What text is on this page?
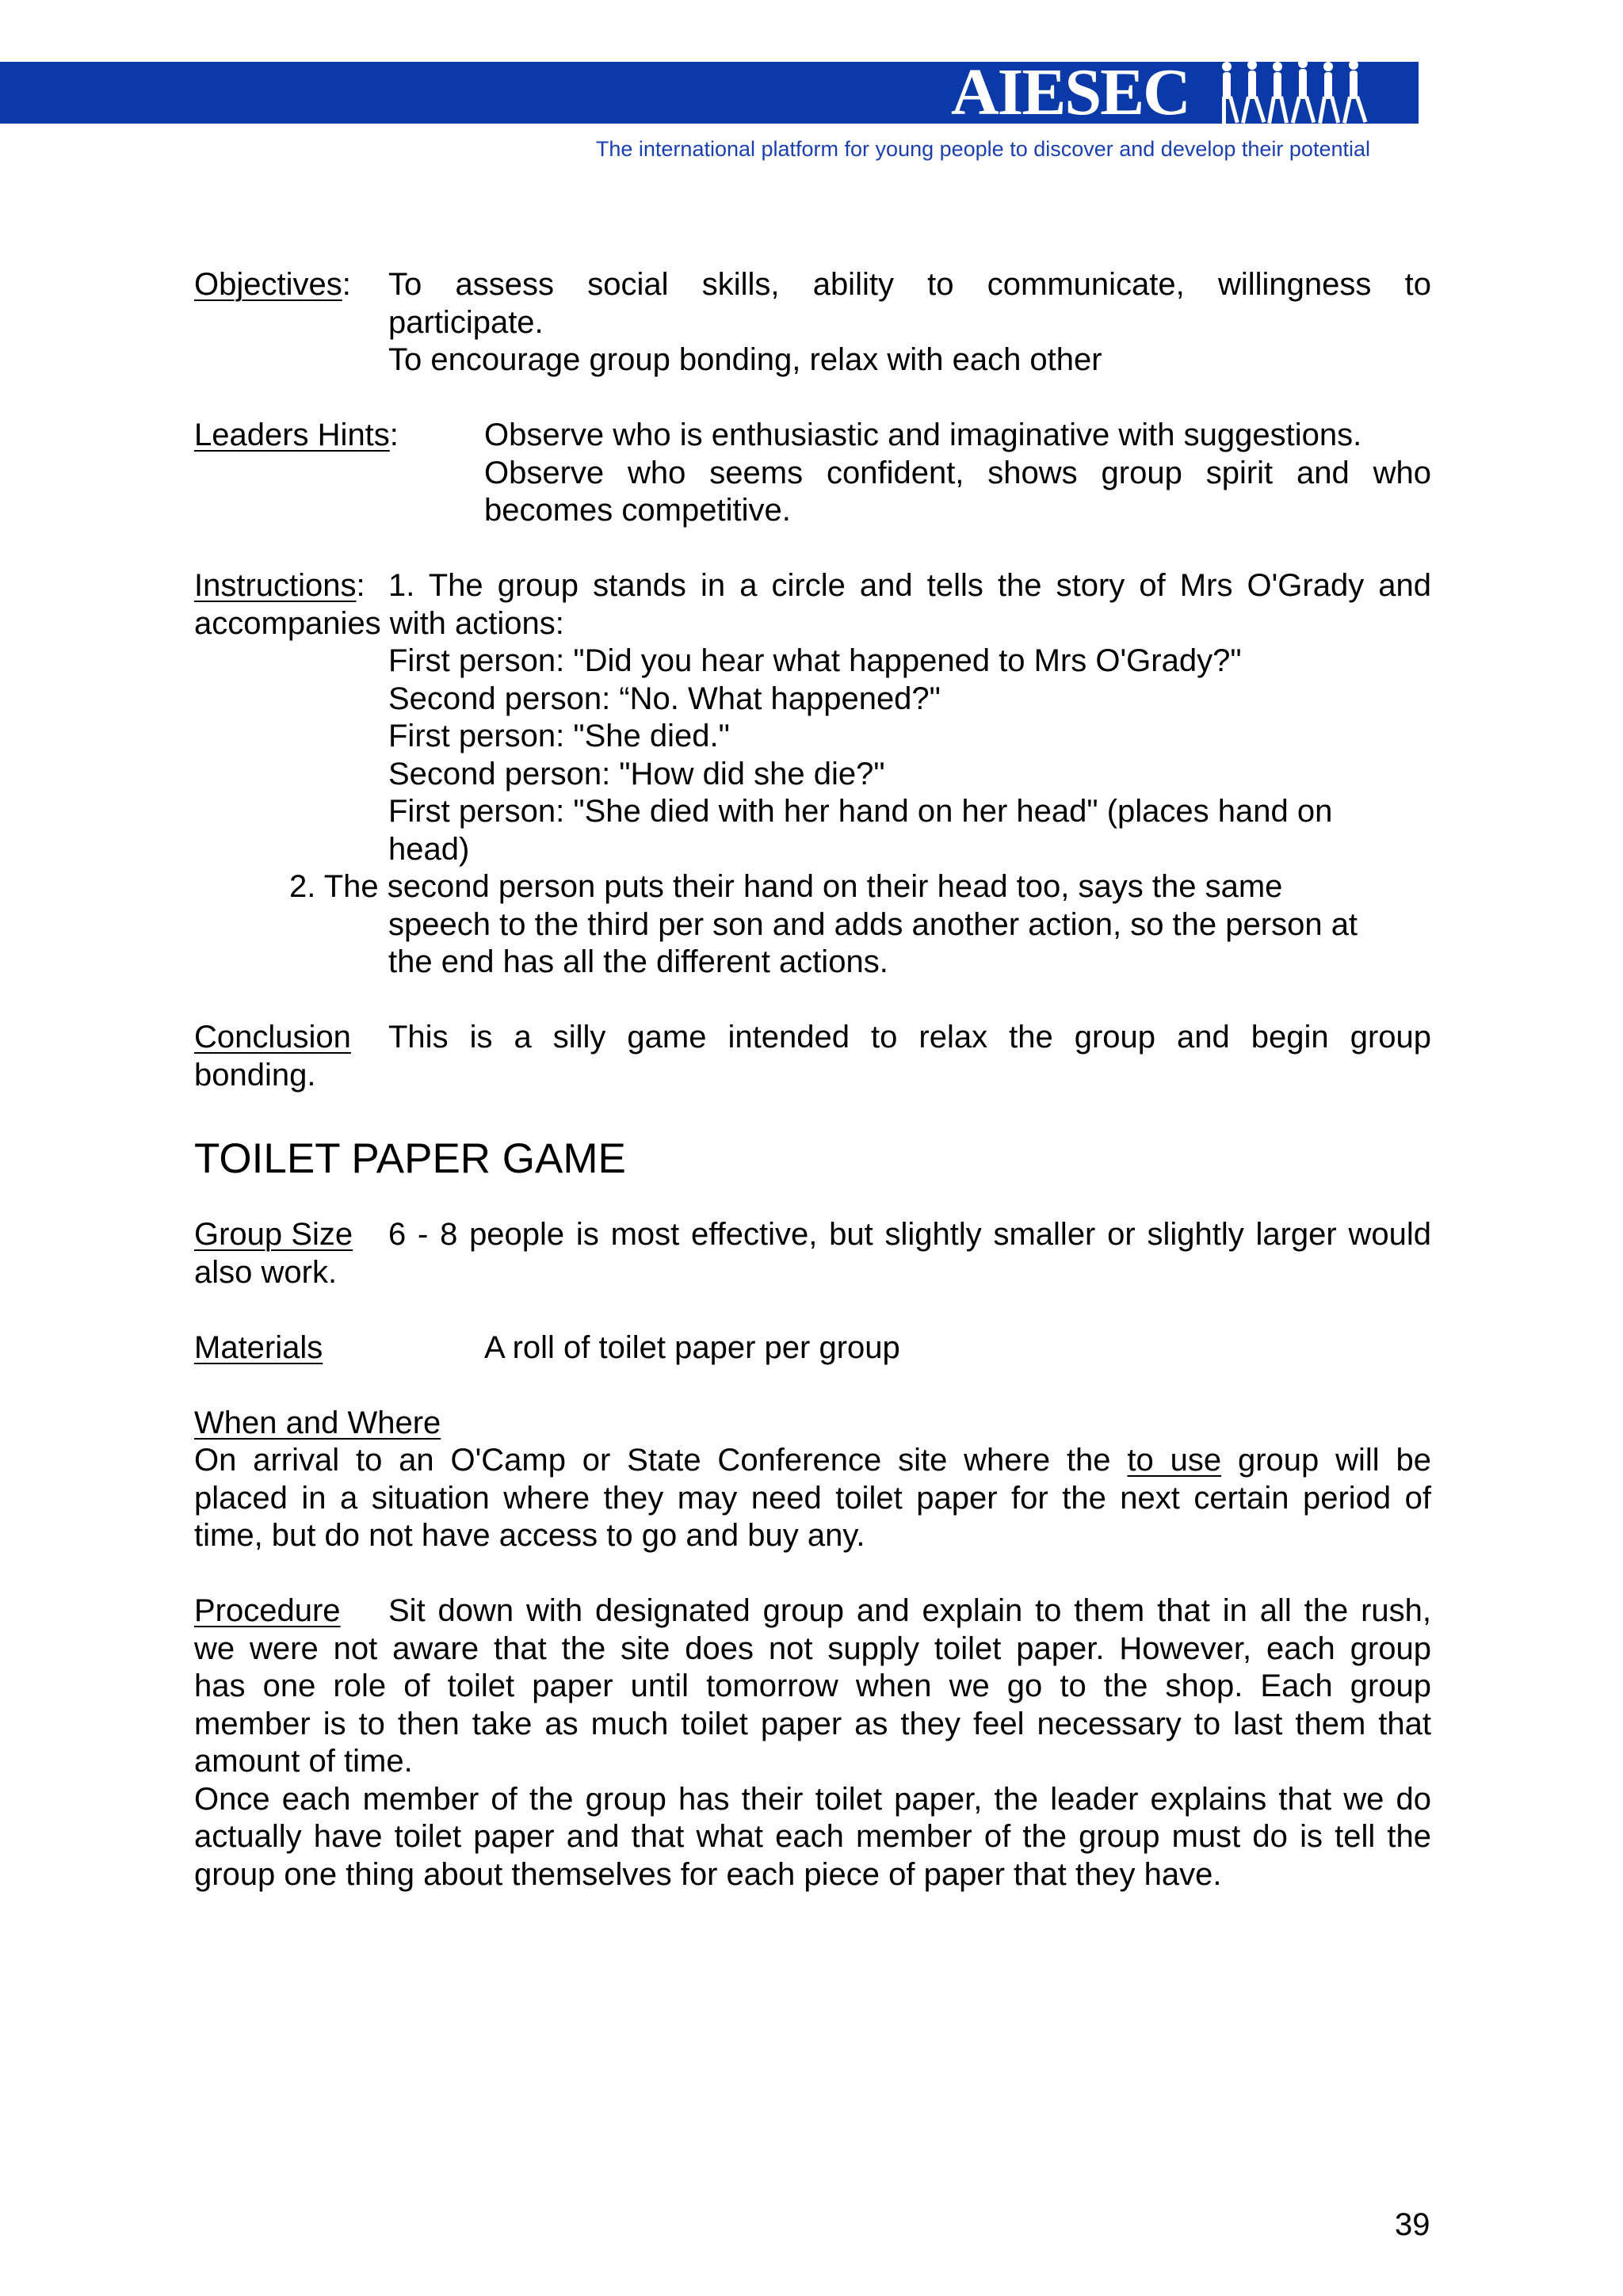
AIESEC
The international platform for young people to discover and develop their potential
Objectives:	To assess social skills, ability to communicate, willingness to
participate.
To encourage group bonding, relax with each other
Leaders Hints:	Observe who is enthusiastic and imaginative with suggestions.
Observe who seems confident, shows group spirit and who
becomes competitive.
Instructions: 1. The group stands in a circle and tells the story of Mrs O'Grady and
accompanies with actions:
First person: "Did you hear what happened to Mrs O'Grady?"
Second person: “No. What happened?"
First person: "She died."
Second person: "How did she die?"
First person: "She died with her hand on her head" (places hand on
head)
2. The second person puts their hand on their head too, says the same
speech to the third per son and adds another action, so the person at
the end has all the different actions.
Conclusion	This is a silly game intended to relax the group and begin group
bonding.
TOILET PAPER GAME
Group Size	6 - 8 people is most effective, but slightly smaller or slightly larger would
also work.
Materials	A roll of toilet paper per group
When and Where
On arrival to an O'Camp or State Conference site where the to use group will be
placed in a situation where they may need toilet paper for the next certain period of
time, but do not have access to go and buy any.
Procedure	Sit down with designated group and explain to them that in all the rush,
we were not aware that the site does not supply toilet paper. However, each group
has one role of toilet paper until tomorrow when we go to the shop. Each group
member is to then take as much toilet paper as they feel necessary to last them that
amount of time.
Once each member of the group has their toilet paper, the leader explains that we do
actually have toilet paper and that what each member of the group must do is tell the
group one thing about themselves for each piece of paper that they have.
39
